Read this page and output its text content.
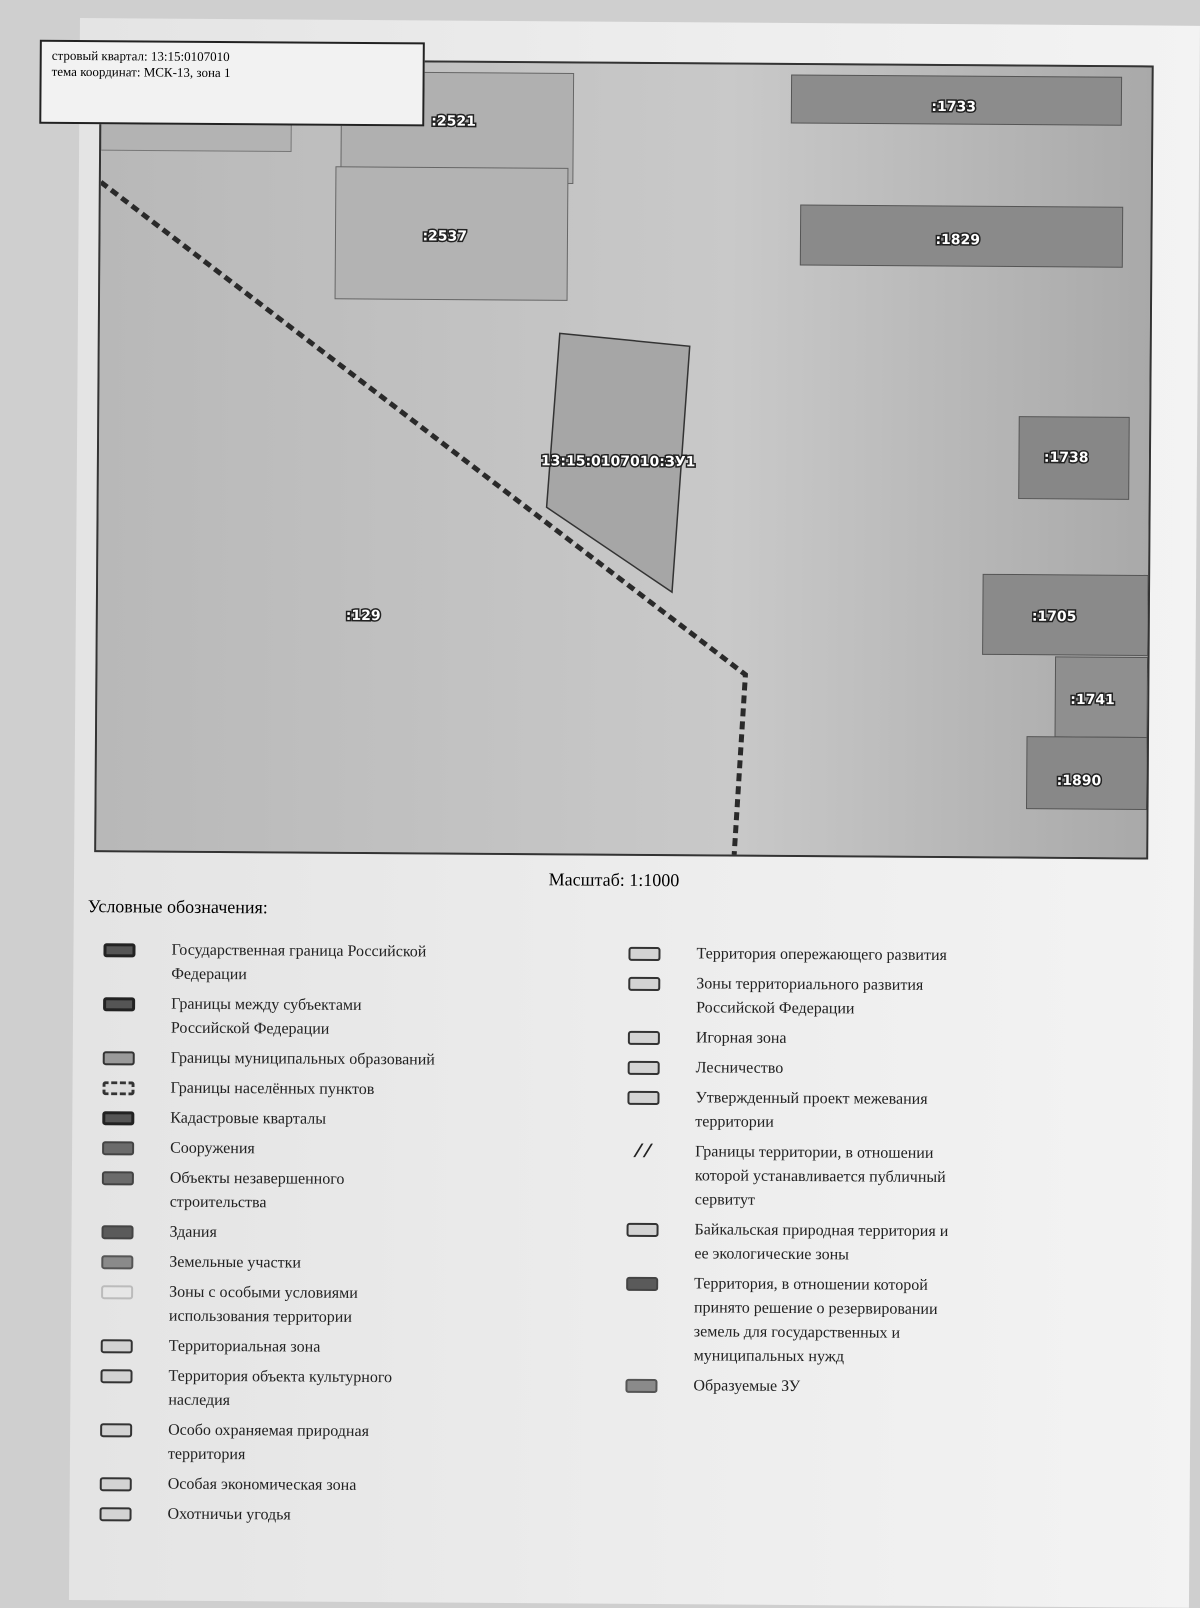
:2521
:2537
:1733
:1829
13:15:0107010:ЗУ1	:1738
:129	:1705
:1741
:1890
стровый квартал: 13:15:0107010
тема координат: МСК-13, зона 1
Масштаб: 1:1000
Условные обозначения:
Государственная граница Российской
Федерации
Границы между субъектами
Российской Федерации
Границы муниципальных образований
Границы населённых пунктов
Кадастровые кварталы
Сооружения
Объекты незавершенного
строительства
Здания
Земельные участки
Зоны с особыми условиями
использования территории
Территориальная зона
Территория объекта культурного
наследия
Особо охраняемая природная
территория
Особая экономическая зона
Охотничьи угодья
Территория опережающего развития
Зоны территориального развития
Российской Федерации
Игорная зона
Лесничество
Утвержденный проект межевания
территории
⁄ ⁄	Границы территории, в отношении
которой устанавливается публичный
сервитут
Байкальская природная территория и
ее экологические зоны
Территория, в отношении которой
принято решение о резервировании
земель для государственных и
муниципальных нужд
Образуемые ЗУ
